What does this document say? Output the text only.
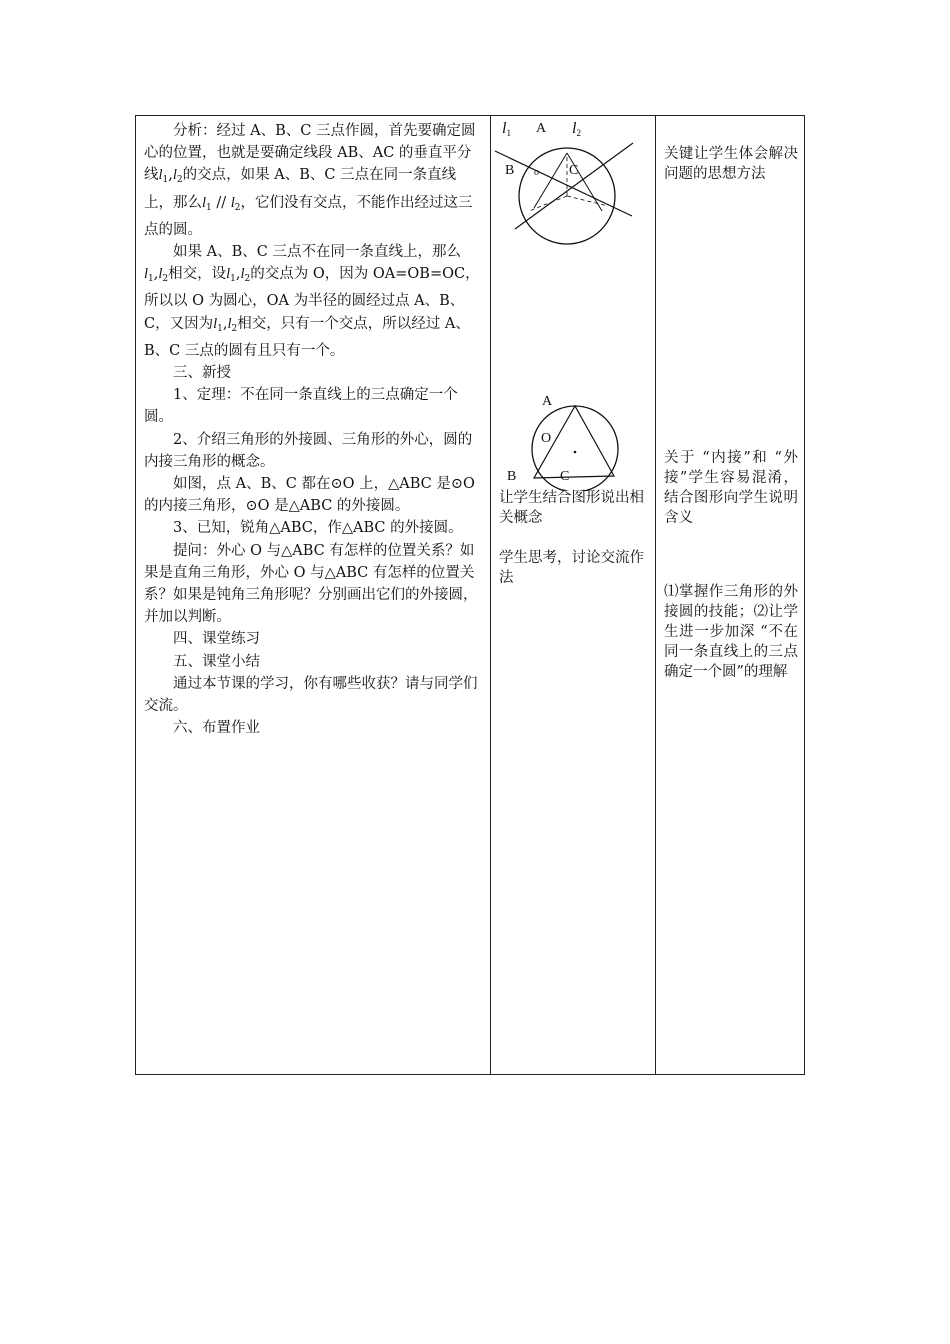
分析：经过 A、B、C 三点作圆，首先要确定圆心的位置，也就是要确定线段 AB、AC 的垂直平分线$l_1,l_2$的交点，如果 A、B、C 三点在同一条直线上，那么$l_1 // l_2$，它们没有交点，不能作出经过这三点的圆。

如果 A、B、C 三点不在同一条直线上，那么$l_1,l_2$相交，设$l_1,l_2$的交点为 O，因为 OA=OB=OC，所以以 O 为圆心，OA 为半径的圆经过点 A、B、C，又因为$l_1,l_2$相交，只有一个交点，所以经过 A、B、C 三点的圆有且只有一个。

三、新授

1、定理：不在同一条直线上的三点确定一个圆。

2、介绍三角形的外接圆、三角形的外心，圆的内接三角形的概念。

如图，点 A、B、C 都在⊙O 上，△ABC 是⊙O 的内接三角形，⊙O 是△ABC 的外接圆。

3、已知，锐角△ABC，作△ABC 的外接圆。

提问：外心 O 与△ABC 有怎样的位置关系？如果是直角三角形，外心 O 与△ABC 有怎样的位置关系？如果是钝角三角形呢？分别画出它们的外接圆，并加以判断。

四、课堂练习

五、课堂小结

通过本节课的学习，你有哪些收获？请与同学们交流。

六、布置作业

$l_1$ A $l_2$
B o C
A
O
B	C
让学生结合图形说出相关概念
学生思考，讨论交流作法

关键让学生体会解决问题的思想方法

关于 “内接”和 “外接”学生容易混淆，结合图形向学生说明含义

⑴掌握作三角形的外接圆的技能；⑵让学生进一步加深 “不在同一条直线上的三点确定一个圆”的理解
